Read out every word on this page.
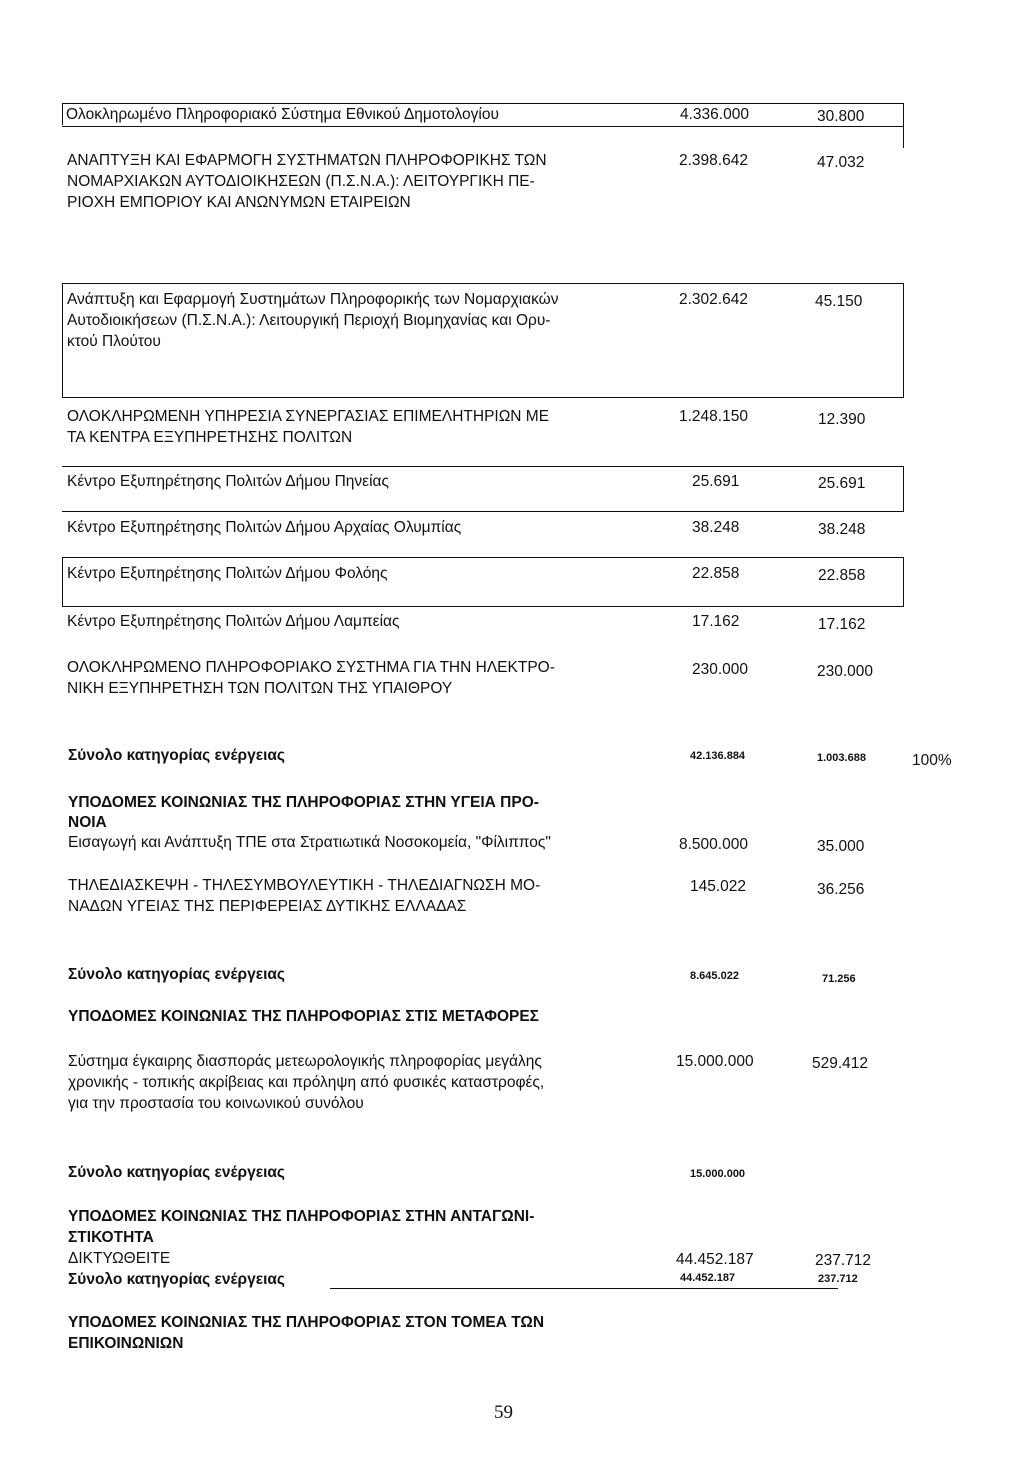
Ολοκληρωμένο Πληροφοριακό Σύστημα Εθνικού Δημοτολογίου	4.336.000	30.800
ΑΝΑΠΤΥΞΗ ΚΑΙ ΕΦΑΡΜΟΓΗ ΣΥΣΤΗΜΑΤΩΝ ΠΛΗΡΟΦΟΡΙΚΗΣ ΤΩΝ
ΝΟΜΑΡΧΙΑΚΩΝ ΑΥΤΟΔΙΟΙΚΗΣΕΩΝ (Π.Σ.Ν.Α.): ΛΕΙΤΟΥΡΓΙΚΗ ΠΕ-
ΡΙΟΧΗ ΕΜΠΟΡΙΟΥ ΚΑΙ ΑΝΩΝΥΜΩΝ ΕΤΑΙΡΕΙΩΝ
2.398.642	47.032
Ανάπτυξη και Εφαρμογή Συστημάτων Πληροφορικής των Νομαρχιακών
Αυτοδιοικήσεων (Π.Σ.Ν.Α.): Λειτουργική Περιοχή Βιομηχανίας και Ορυ-
κτού Πλούτου
2.302.642	45.150
ΟΛΟΚΛΗΡΩΜΕΝΗ ΥΠΗΡΕΣΙΑ ΣΥΝΕΡΓΑΣΙΑΣ ΕΠΙΜΕΛΗΤΗΡΙΩΝ ΜΕ
ΤΑ ΚΕΝΤΡΑ ΕΞΥΠΗΡΕΤΗΣΗΣ ΠΟΛΙΤΩΝ
1.248.150	12.390
Κέντρο Εξυπηρέτησης Πολιτών Δήμου Πηνείας	25.691	25.691
Κέντρο Εξυπηρέτησης Πολιτών Δήμου Αρχαίας Ολυμπίας	38.248	38.248
Κέντρο Εξυπηρέτησης Πολιτών Δήμου Φολόης	22.858	22.858
Κέντρο Εξυπηρέτησης Πολιτών Δήμου Λαμπείας	17.162	17.162
ΟΛΟΚΛΗΡΩΜΕΝΟ ΠΛΗΡΟΦΟΡΙΑΚΟ ΣΥΣΤΗΜΑ ΓΙΑ ΤΗΝ ΗΛΕΚΤΡΟ-
ΝΙΚΗ ΕΞΥΠΗΡΕΤΗΣΗ ΤΩΝ ΠΟΛΙΤΩΝ ΤΗΣ ΥΠΑΙΘΡΟΥ
230.000	230.000
Σύνολο κατηγορίας ενέργειας	42.136.884	1.003.688	100%
ΥΠΟΔΟΜΕΣ ΚΟΙΝΩΝΙΑΣ ΤΗΣ ΠΛΗΡΟΦΟΡΙΑΣ ΣΤΗΝ ΥΓΕΙΑ ΠΡΟ-
ΝΟΙΑ
Εισαγωγή και Ανάπτυξη ΤΠΕ στα Στρατιωτικά Νοσοκομεία, "Φίλιππος"	8.500.000	35.000
ΤΗΛΕΔΙΑΣΚΕΨΗ - ΤΗΛΕΣΥΜΒΟΥΛΕΥΤΙΚΗ - ΤΗΛΕΔΙΑΓΝΩΣΗ ΜΟ-
ΝΑΔΩΝ ΥΓΕΙΑΣ ΤΗΣ ΠΕΡΙΦΕΡΕΙΑΣ ΔΥΤΙΚΗΣ ΕΛΛΑΔΑΣ
145.022	36.256
Σύνολο κατηγορίας ενέργειας	8.645.022	71.256
ΥΠΟΔΟΜΕΣ ΚΟΙΝΩΝΙΑΣ ΤΗΣ ΠΛΗΡΟΦΟΡΙΑΣ ΣΤΙΣ ΜΕΤΑΦΟΡΕΣ
Σύστημα έγκαιρης διασποράς μετεωρολογικής πληροφορίας μεγάλης
χρονικής - τοπικής ακρίβειας και πρόληψη από φυσικές καταστροφές,
για την προστασία του κοινωνικού συνόλου
15.000.000	529.412
Σύνολο κατηγορίας ενέργειας	15.000.000
ΥΠΟΔΟΜΕΣ ΚΟΙΝΩΝΙΑΣ ΤΗΣ ΠΛΗΡΟΦΟΡΙΑΣ ΣΤΗΝ ΑΝΤΑΓΩΝΙ-
ΣΤΙΚΟΤΗΤΑ
ΔΙΚΤΥΩΘΕΙΤΕ	44.452.187	237.712
Σύνολο κατηγορίας ενέργειας	44.452.187	237.712
ΥΠΟΔΟΜΕΣ ΚΟΙΝΩΝΙΑΣ ΤΗΣ ΠΛΗΡΟΦΟΡΙΑΣ ΣΤΟΝ ΤΟΜΕΑ ΤΩΝ
ΕΠΙΚΟΙΝΩΝΙΩΝ
59
